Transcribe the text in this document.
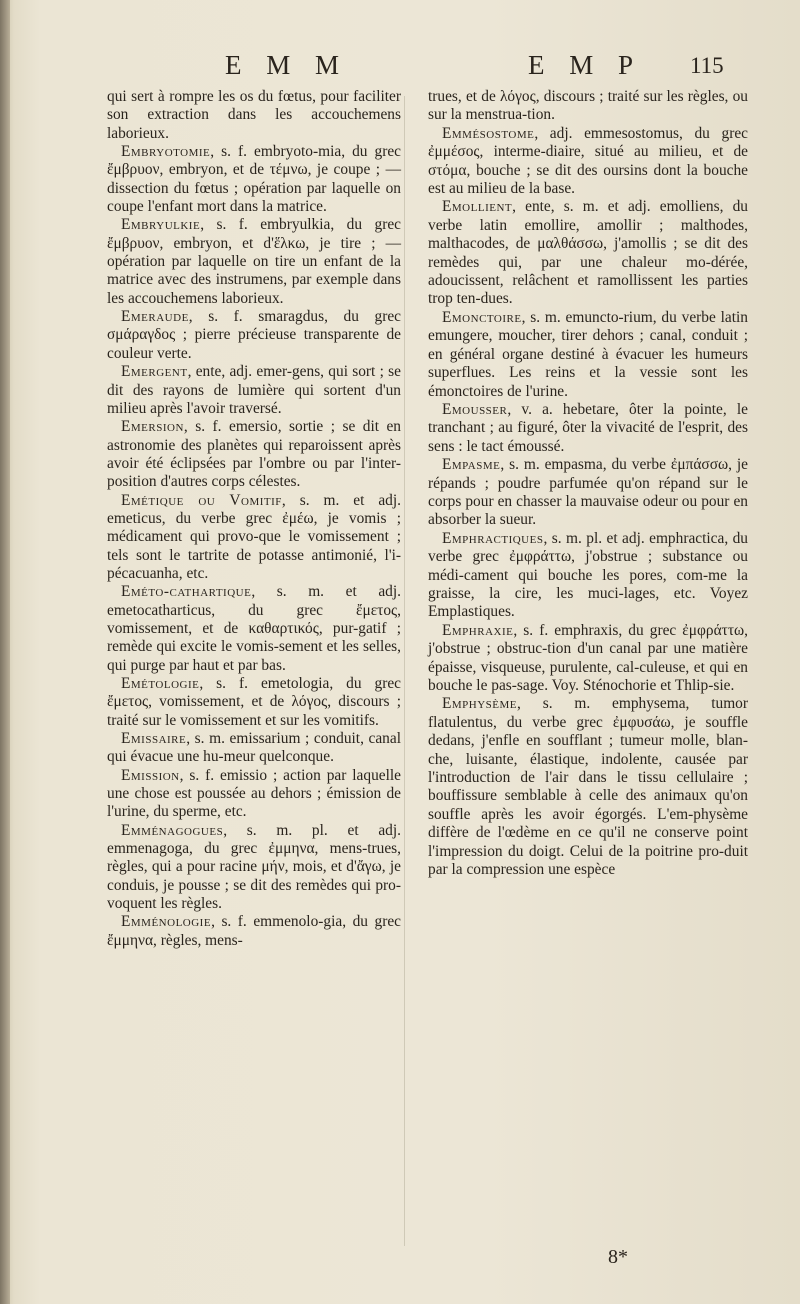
E M M	E M P 115

qui sert à rompre les os du fœtus, pour faciliter son extraction dans les accouchemens laborieux.

Embryotomie, s. f. embryoto-mia, du grec ἔμβρυον, embryon, et de τέμνω, je coupe ; — dissection du fœtus ; opération par laquelle on coupe l'enfant mort dans la matrice.

Embryulkie, s. f. embryulkia, du grec ἔμβρυον, embryon, et d'ἕλκω, je tire ; — opération par laquelle on tire un enfant de la matrice avec des instrumens, par exemple dans les accouchemens laborieux.

Emeraude, s. f. smaragdus, du grec σμάραγδος ; pierre précieuse transparente de couleur verte.

Emergent, ente, adj. emer-gens, qui sort ; se dit des rayons de lumière qui sortent d'un milieu après l'avoir traversé.

Emersion, s. f. emersio, sortie ; se dit en astronomie des planètes qui reparoissent après avoir été éclipsées par l'ombre ou par l'inter-position d'autres corps célestes.

Emétique ou Vomitif, s. m. et adj. emeticus, du verbe grec ἐμέω, je vomis ; médicament qui provo-que le vomissement ; tels sont le tartrite de potasse antimonié, l'i-pécacuanha, etc.

Eméto-cathartique, s. m. et adj. emetocatharticus, du grec ἔμετος, vomissement, et de καθαρτικός, pur-gatif ; remède qui excite le vomis-sement et les selles, qui purge par haut et par bas.

Emétologie, s. f. emetologia, du grec ἔμετος, vomissement, et de λόγος, discours ; traité sur le vomissement et sur les vomitifs.

Emissaire, s. m. emissarium ; conduit, canal qui évacue une hu-meur quelconque.

Emission, s. f. emissio ; action par laquelle une chose est poussée au dehors ; émission de l'urine, du sperme, etc.

Emménagogues, s. m. pl. et adj. emmenagoga, du grec ἐμμηνα, mens-trues, règles, qui a pour racine μήν, mois, et d'ἄγω, je conduis, je pousse ; se dit des remèdes qui pro-voquent les règles.

Emménologie, s. f. emmenolo-gia, du grec ἔμμηνα, règles, mens-

trues, et de λόγος, discours ; traité sur les règles, ou sur la menstrua-tion.

Emmésostome, adj. emmesostomus, du grec ἐμμέσος, interme-diaire, situé au milieu, et de στόμα, bouche ; se dit des oursins dont la bouche est au milieu de la base.

Emollient, ente, s. m. et adj. emolliens, du verbe latin emollire, amollir ; malthodes, malthacodes, de μαλθάσσω, j'amollis ; se dit des remèdes qui, par une chaleur mo-dérée, adoucissent, relâchent et ramollissent les parties trop ten-dues.

Emonctoire, s. m. emuncto-rium, du verbe latin emungere, moucher, tirer dehors ; canal, conduit ; en général organe destiné à évacuer les humeurs superflues. Les reins et la vessie sont les émonctoires de l'urine.

Emousser, v. a. hebetare, ôter la pointe, le tranchant ; au figuré, ôter la vivacité de l'esprit, des sens : le tact émoussé.

Empasme, s. m. empasma, du verbe ἐμπάσσω, je répands ; poudre parfumée qu'on répand sur le corps pour en chasser la mauvaise odeur ou pour en absorber la sueur.

Emphractiques, s. m. pl. et adj. emphractica, du verbe grec ἐμφράττω, j'obstrue ; substance ou médi-cament qui bouche les pores, com-me la graisse, la cire, les muci-lages, etc. Voyez Emplastiques.

Emphraxie, s. f. emphraxis, du grec ἐμφράττω, j'obstrue ; obstruc-tion d'un canal par une matière épaisse, visqueuse, purulente, cal-culeuse, et qui en bouche le pas-sage. Voy. Sténochorie et Thlip-sie.

Emphysème, s. m. emphysema, tumor flatulentus, du verbe grec ἐμφυσάω, je souffle dedans, j'enfle en soufflant ; tumeur molle, blan-che, luisante, élastique, indolente, causée par l'introduction de l'air dans le tissu cellulaire ; bouffissure semblable à celle des animaux qu'on souffle après les avoir égorgés. L'em-physème diffère de l'œdème en ce qu'il ne conserve point l'impression du doigt. Celui de la poitrine pro-duit par la compression une espèce

8*
